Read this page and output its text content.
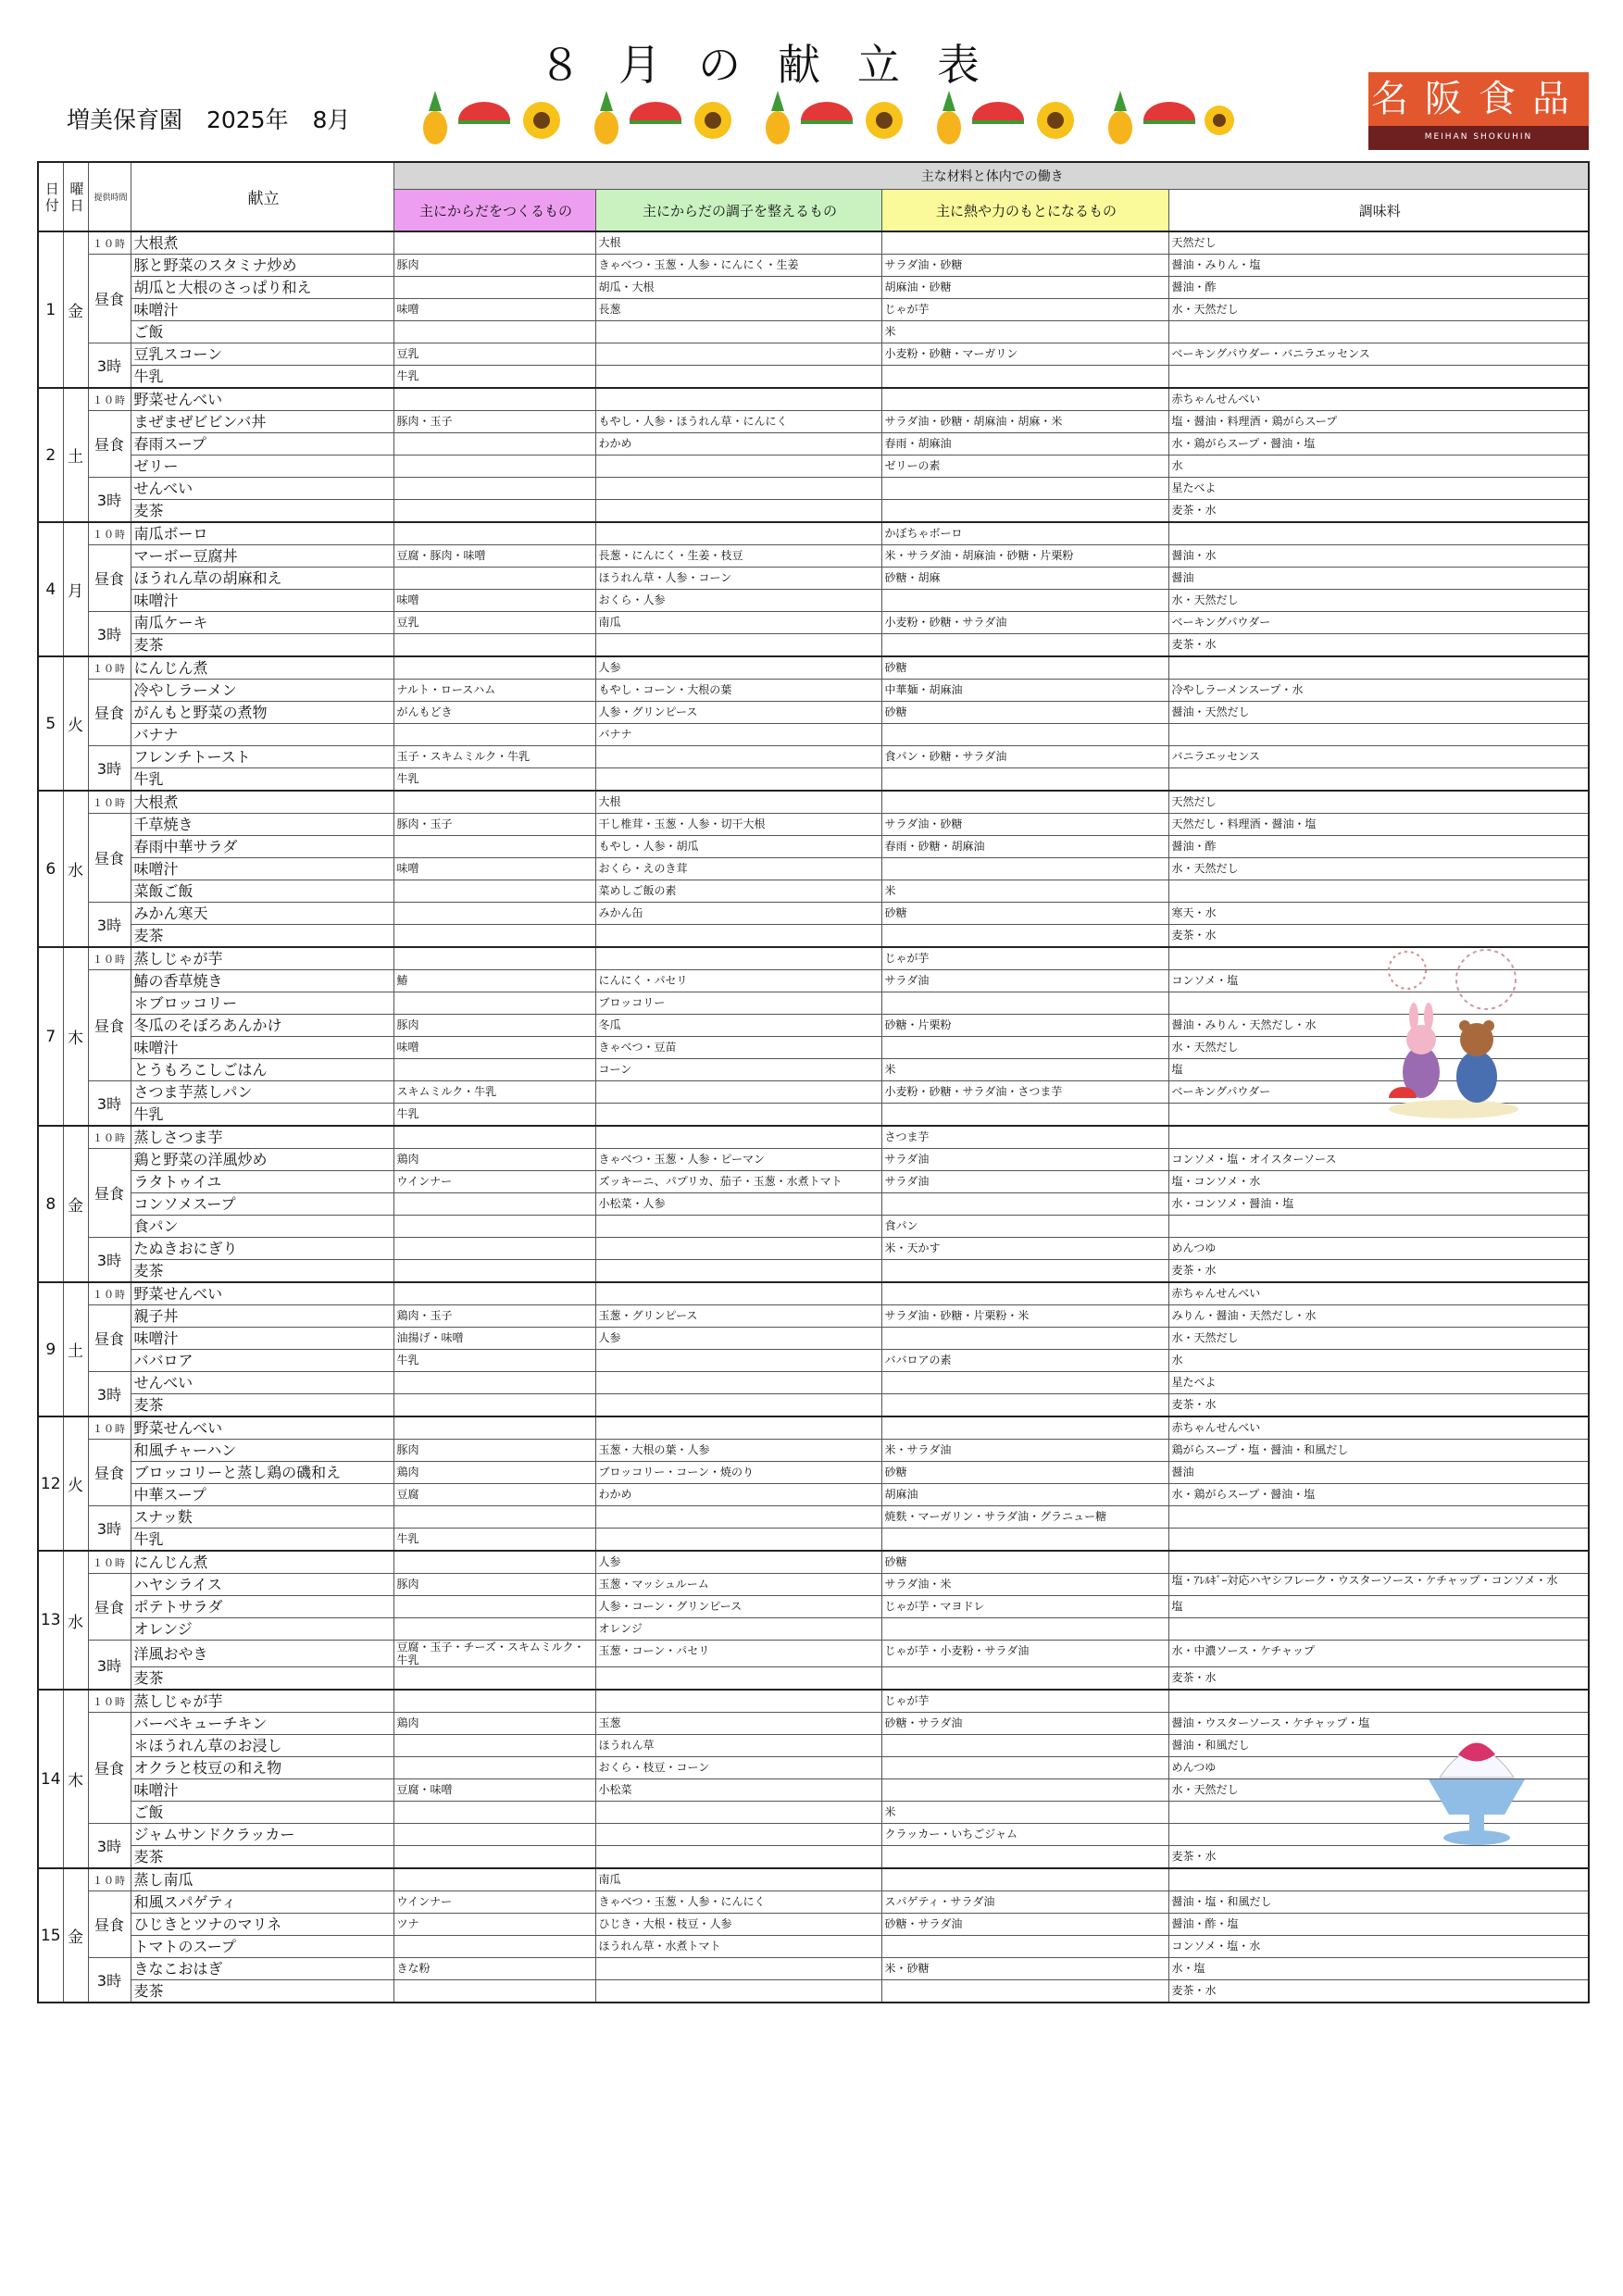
８月の献立表
増美保育園 2025年 8月	名阪食品
MEIHAN SHOKUHIN
日付	曜日	提供時間	献立	主な材料と体内での働き			
				主にからだをつくるもの	主にからだの調子を整えるもの	主に熱や力のもとになるもの	調味料
1	金	１０時	大根煮		大根		天然だし
		昼食	豚と野菜のスタミナ炒め	豚肉	きゃべつ・玉葱・人参・にんにく・生姜	サラダ油・砂糖	醤油・みりん・塩
			胡瓜と大根のさっぱり和え		胡瓜・大根	胡麻油・砂糖	醤油・酢
			味噌汁	味噌	長葱	じゃが芋	水・天然だし
			ご飯			米	
		3時	豆乳スコーン	豆乳		小麦粉・砂糖・マーガリン	ベーキングパウダー・バニラエッセンス
			牛乳	牛乳			
2	土	１０時	野菜せんべい				赤ちゃんせんべい
		昼食	まぜまぜビビンバ丼	豚肉・玉子	もやし・人参・ほうれん草・にんにく	サラダ油・砂糖・胡麻油・胡麻・米	塩・醤油・料理酒・鶏がらスープ
			春雨スープ		わかめ	春雨・胡麻油	水・鶏がらスープ・醤油・塩
			ゼリー			ゼリーの素	水
		3時	せんべい				星たべよ
			麦茶				麦茶・水
4	月	１０時	南瓜ボーロ			かぼちゃボーロ	
		昼食	マーボー豆腐丼	豆腐・豚肉・味噌	長葱・にんにく・生姜・枝豆	米・サラダ油・胡麻油・砂糖・片栗粉	醤油・水
			ほうれん草の胡麻和え		ほうれん草・人参・コーン	砂糖・胡麻	醤油
			味噌汁	味噌	おくら・人参		水・天然だし
		3時	南瓜ケーキ	豆乳	南瓜	小麦粉・砂糖・サラダ油	ベーキングパウダー
			麦茶				麦茶・水
5	火	１０時	にんじん煮		人参	砂糖	
		昼食	冷やしラーメン	ナルト・ロースハム	もやし・コーン・大根の葉	中華麺・胡麻油	冷やしラーメンスープ・水
			がんもと野菜の煮物	がんもどき	人参・グリンピース	砂糖	醤油・天然だし
			バナナ		バナナ		
		3時	フレンチトースト	玉子・スキムミルク・牛乳		食パン・砂糖・サラダ油	バニラエッセンス
			牛乳	牛乳			
6	水	１０時	大根煮		大根		天然だし
		昼食	千草焼き	豚肉・玉子	干し椎茸・玉葱・人参・切干大根	サラダ油・砂糖	天然だし・料理酒・醤油・塩
			春雨中華サラダ		もやし・人参・胡瓜	春雨・砂糖・胡麻油	醤油・酢
			味噌汁	味噌	おくら・えのき茸		水・天然だし
			菜飯ご飯		菜めしご飯の素	米	
		3時	みかん寒天		みかん缶	砂糖	寒天・水
			麦茶				麦茶・水
7	木	１０時	蒸しじゃが芋			じゃが芋	
		昼食	鰆の香草焼き	鰆	にんにく・パセリ	サラダ油	コンソメ・塩
			＊ブロッコリー		ブロッコリー		
			冬瓜のそぼろあんかけ	豚肉	冬瓜	砂糖・片栗粉	醤油・みりん・天然だし・水
			味噌汁	味噌	きゃべつ・豆苗		水・天然だし
			とうもろこしごはん		コーン	米	塩
		3時	さつま芋蒸しパン	スキムミルク・牛乳		小麦粉・砂糖・サラダ油・さつま芋	ベーキングパウダー
			牛乳	牛乳			
8	金	１０時	蒸しさつま芋			さつま芋	
		昼食	鶏と野菜の洋風炒め	鶏肉	きゃべつ・玉葱・人参・ピーマン	サラダ油	コンソメ・塩・オイスターソース
			ラタトゥイユ	ウインナー	ズッキーニ、パプリカ、茄子・玉葱・水煮トマト	サラダ油	塩・コンソメ・水
			コンソメスープ		小松菜・人参		水・コンソメ・醤油・塩
			食パン			食パン	
		3時	たぬきおにぎり			米・天かす	めんつゆ
			麦茶				麦茶・水
9	土	１０時	野菜せんべい				赤ちゃんせんべい
		昼食	親子丼	鶏肉・玉子	玉葱・グリンピース	サラダ油・砂糖・片栗粉・米	みりん・醤油・天然だし・水
			味噌汁	油揚げ・味噌	人参		水・天然だし
			ババロア	牛乳		ババロアの素	水
		3時	せんべい				星たべよ
			麦茶				麦茶・水
12	火	１０時	野菜せんべい				赤ちゃんせんべい
		昼食	和風チャーハン	豚肉	玉葱・大根の葉・人参	米・サラダ油	鶏がらスープ・塩・醤油・和風だし
			ブロッコリーと蒸し鶏の磯和え	鶏肉	ブロッコリー・コーン・焼のり	砂糖	醤油
			中華スープ	豆腐	わかめ	胡麻油	水・鶏がらスープ・醤油・塩
		3時	スナッ麩			焼麩・マーガリン・サラダ油・グラニュー糖	
			牛乳	牛乳			
13	水	１０時	にんじん煮		人参	砂糖	
		昼食	ハヤシライス	豚肉	玉葱・マッシュルーム	サラダ油・米	塩・ｱﾚﾙｷﾞｰ対応ハヤシフレーク・ウスターソース・ケチャップ・コンソメ・水
			ポテトサラダ		人参・コーン・グリンピース	じゃが芋・マヨドレ	塩
			オレンジ		オレンジ		
		3時	洋風おやき	豆腐・玉子・チーズ・スキムミルク・牛乳	玉葱・コーン・パセリ	じゃが芋・小麦粉・サラダ油	水・中濃ソース・ケチャップ
			麦茶				麦茶・水
14	木	１０時	蒸しじゃが芋			じゃが芋	
		昼食	バーベキューチキン	鶏肉	玉葱	砂糖・サラダ油	醤油・ウスターソース・ケチャップ・塩
			＊ほうれん草のお浸し		ほうれん草		醤油・和風だし
			オクラと枝豆の和え物		おくら・枝豆・コーン		めんつゆ
			味噌汁	豆腐・味噌	小松菜		水・天然だし
			ご飯			米	
		3時	ジャムサンドクラッカー			クラッカー・いちごジャム	
			麦茶				麦茶・水
15	金	１０時	蒸し南瓜		南瓜		
		昼食	和風スパゲティ	ウインナー	きゃべつ・玉葱・人参・にんにく	スパゲティ・サラダ油	醤油・塩・和風だし
			ひじきとツナのマリネ	ツナ	ひじき・大根・枝豆・人参	砂糖・サラダ油	醤油・酢・塩
			トマトのスープ		ほうれん草・水煮トマト		コンソメ・塩・水
		3時	きなこおはぎ	きな粉		米・砂糖	水・塩
			麦茶				麦茶・水
